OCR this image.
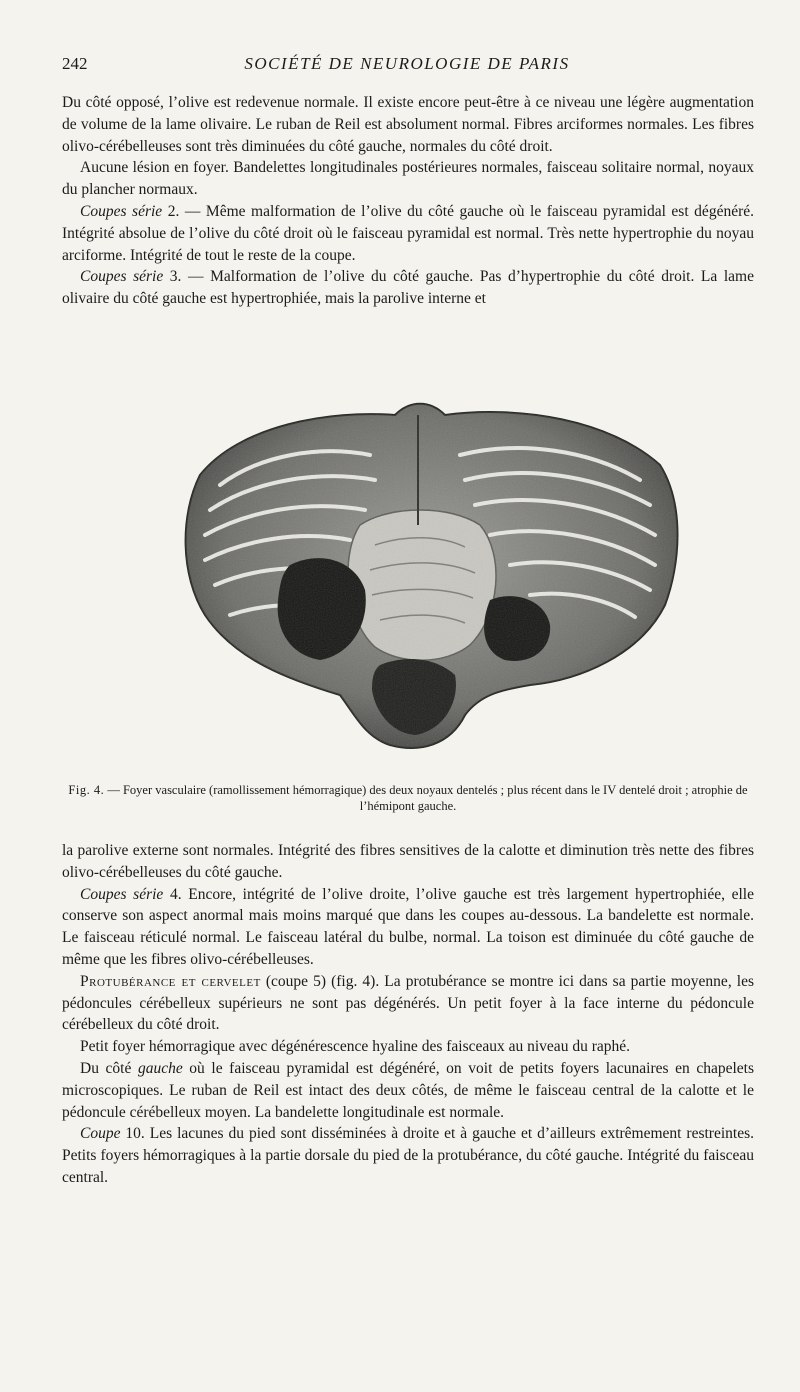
242	SOCIÉTÉ DE NEUROLOGIE DE PARIS

Du côté opposé, l’olive est redevenue normale. Il existe encore peut-être à ce niveau une légère augmentation de volume de la lame olivaire. Le ruban de Reil est absolument normal. Fibres arciformes normales. Les fibres olivo-cérébelleuses sont très diminuées du côté gauche, normales du côté droit.

Aucune lésion en foyer. Bandelettes longitudinales postérieures normales, faisceau solitaire normal, noyaux du plancher normaux.

Coupes série 2. — Même malformation de l’olive du côté gauche où le faisceau pyramidal est dégénéré. Intégrité absolue de l’olive du côté droit où le faisceau pyramidal est normal. Très nette hypertrophie du noyau arciforme. Intégrité de tout le reste de la coupe.

Coupes série 3. — Malformation de l’olive du côté gauche. Pas d’hypertrophie du côté droit. La lame olivaire du côté gauche est hypertrophiée, mais la parolive interne et

Fig. 4. — Foyer vasculaire (ramollissement hémorragique) des deux noyaux dentelés ; plus récent dans le IV dentelé droit ; atrophie de l’hémipont gauche.

la parolive externe sont normales. Intégrité des fibres sensitives de la calotte et diminution très nette des fibres olivo-cérébelleuses du côté gauche.

Coupes série 4. Encore, intégrité de l’olive droite, l’olive gauche est très largement hypertrophiée, elle conserve son aspect anormal mais moins marqué que dans les coupes au-dessous. La bandelette est normale. Le faisceau réticulé normal. Le faisceau latéral du bulbe, normal. La toison est diminuée du côté gauche de même que les fibres olivo-cérébelleuses.

Protubérance et cervelet (coupe 5) (fig. 4). La protubérance se montre ici dans sa partie moyenne, les pédoncules cérébelleux supérieurs ne sont pas dégénérés. Un petit foyer à la face interne du pédoncule cérébelleux du côté droit.

Petit foyer hémorragique avec dégénérescence hyaline des faisceaux au niveau du raphé.

Du côté gauche où le faisceau pyramidal est dégénéré, on voit de petits foyers lacunaires en chapelets microscopiques. Le ruban de Reil est intact des deux côtés, de même le faisceau central de la calotte et le pédoncule cérébelleux moyen. La bandelette longitudinale est normale.

Coupe 10. Les lacunes du pied sont disséminées à droite et à gauche et d’ailleurs extrêmement restreintes. Petits foyers hémorragiques à la partie dorsale du pied de la protubérance, du côté gauche. Intégrité du faisceau central.
